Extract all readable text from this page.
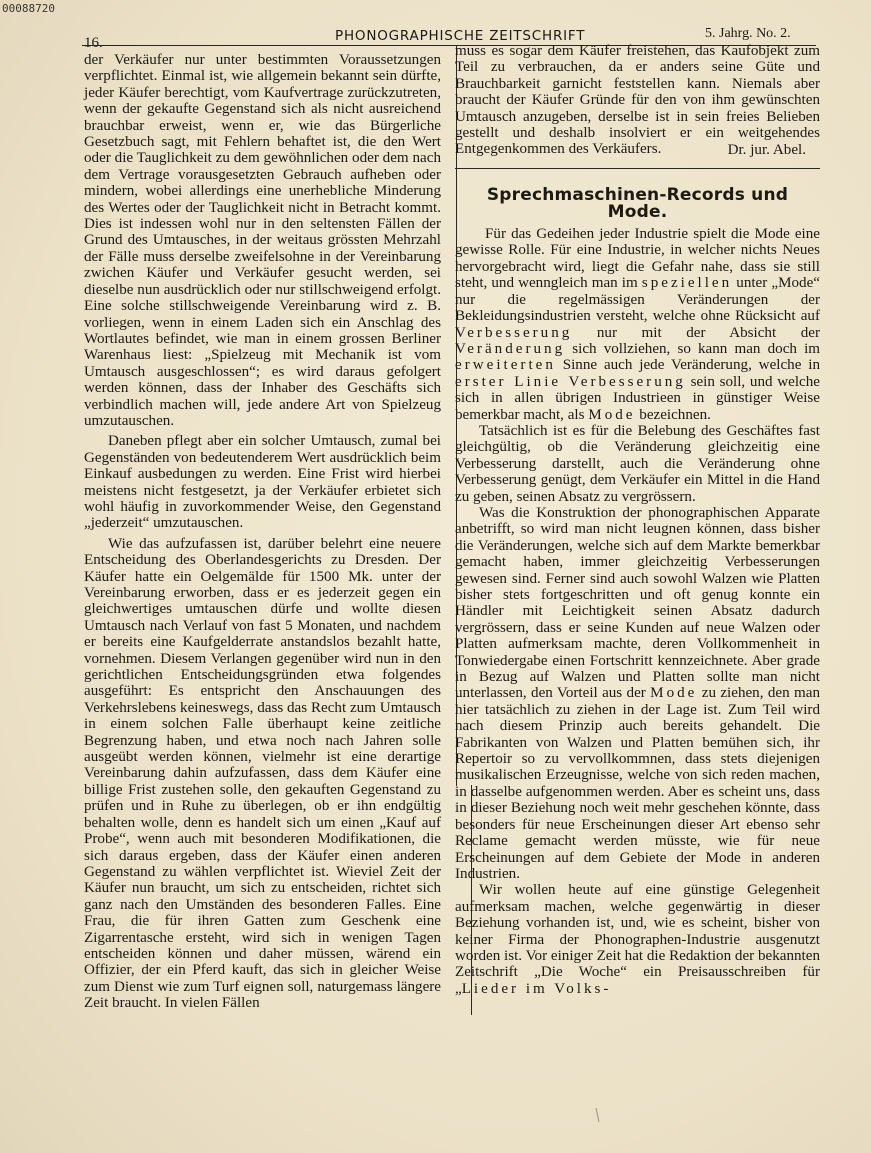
00088720
16.	PHONOGRAPHISCHE ZEITSCHRIFT	5. Jahrg. No. 2.

der Verkäufer nur unter bestimmten Voraussetzungen verpflichtet. Einmal ist, wie allgemein bekannt sein dürfte, jeder Käufer berechtigt, vom Kaufvertrage zurückzutreten, wenn der gekaufte Gegenstand sich als nicht ausreichend brauchbar erweist, wenn er, wie das Bürgerliche Gesetzbuch sagt, mit Fehlern behaftet ist, die den Wert oder die Tauglichkeit zu dem gewöhnlichen oder dem nach dem Vertrage vorausgesetzten Gebrauch aufheben oder mindern, wobei allerdings eine unerhebliche Minderung des Wertes oder der Tauglichkeit nicht in Betracht kommt. Dies ist indessen wohl nur in den seltensten Fällen der Grund des Umtausches, in der weitaus grössten Mehrzahl der Fälle muss derselbe zweifelsohne in der Vereinbarung zwichen Käufer und Verkäufer gesucht werden, sei dieselbe nun ausdrücklich oder nur stillschweigend erfolgt. Eine solche stillschweigende Vereinbarung wird z. B. vorliegen, wenn in einem Laden sich ein Anschlag des Wortlautes befindet, wie man in einem grossen Berliner Warenhaus liest: „Spielzeug mit Mechanik ist vom Umtausch ausgeschlossen“; es wird daraus gefolgert werden können, dass der Inhaber des Geschäfts sich verbindlich machen will, jede andere Art von Spielzeug umzutauschen.

Daneben pflegt aber ein solcher Umtausch, zumal bei Gegenständen von bedeutenderem Wert ausdrücklich beim Einkauf ausbedungen zu werden. Eine Frist wird hierbei meistens nicht festgesetzt, ja der Verkäufer erbietet sich wohl häufig in zuvorkommender Weise, den Gegenstand „jederzeit“ umzutauschen.

Wie das aufzufassen ist, darüber belehrt eine neuere Entscheidung des Oberlandesgerichts zu Dresden. Der Käufer hatte ein Oelgemälde für 1500 Mk. unter der Vereinbarung erworben, dass er es jederzeit gegen ein gleichwertiges umtauschen dürfe und wollte diesen Umtausch nach Verlauf von fast 5 Monaten, und nachdem er bereits eine Kaufgelderrate anstandslos bezahlt hatte, vornehmen. Diesem Verlangen gegenüber wird nun in den gerichtlichen Entscheidungsgründen etwa folgendes ausgeführt: Es entspricht den Anschauungen des Verkehrslebens keineswegs, dass das Recht zum Umtausch in einem solchen Falle überhaupt keine zeitliche Begrenzung haben, und etwa noch nach Jahren solle ausgeübt werden können, vielmehr ist eine derartige Vereinbarung dahin aufzufassen, dass dem Käufer eine billige Frist zustehen solle, den gekauften Gegenstand zu prüfen und in Ruhe zu überlegen, ob er ihn endgültig behalten wolle, denn es handelt sich um einen „Kauf auf Probe“, wenn auch mit besonderen Modifikationen, die sich daraus ergeben, dass der Käufer einen anderen Gegenstand zu wählen verpflichtet ist. Wieviel Zeit der Käufer nun braucht, um sich zu entscheiden, richtet sich ganz nach den Umständen des besonderen Falles. Eine Frau, die für ihren Gatten zum Geschenk eine Zigarrentasche ersteht, wird sich in wenigen Tagen entscheiden können und daher müssen, wärend ein Offizier, der ein Pferd kauft, das sich in gleicher Weise zum Dienst wie zum Turf eignen soll, naturgemass längere Zeit braucht. In vielen Fällen

muss es sogar dem Käufer freistehen, das Kaufobjekt zum Teil zu verbrauchen, da er anders seine Güte und Brauchbarkeit garnicht feststellen kann. Niemals aber braucht der Käufer Gründe für den von ihm gewünschten Umtausch anzugeben, derselbe ist in sein freies Belieben gestellt und deshalb insolviert er ein weitgehendes Entgegenkommen des Verkäufers.	Dr. jur. Abel.
Sprechmaschinen-Records und Mode.

Für das Gedeihen jeder Industrie spielt die Mode eine gewisse Rolle. Für eine Industrie, in welcher nichts Neues hervorgebracht wird, liegt die Gefahr nahe, dass sie still steht, und wenngleich man im speziellen unter „Mode“ nur die regelmässigen Veränderungen der Bekleidungsindustrien versteht, welche ohne Rücksicht auf Verbesserung nur mit der Absicht der Veränderung sich vollziehen, so kann man doch im erweiterten Sinne auch jede Veränderung, welche in erster Linie Verbesserung sein soll, und welche sich in allen übrigen Industrieen in günstiger Weise bemerkbar macht, als Mode bezeichnen.

Tatsächlich ist es für die Belebung des Geschäftes fast gleichgültig, ob die Veränderung gleichzeitig eine Verbesserung darstellt, auch die Veränderung ohne Verbesserung genügt, dem Verkäufer ein Mittel in die Hand zu geben, seinen Absatz zu vergrössern.

Was die Konstruktion der phonographischen Apparate anbetrifft, so wird man nicht leugnen können, dass bisher die Veränderungen, welche sich auf dem Markte bemerkbar gemacht haben, immer gleichzeitig Verbesserungen gewesen sind. Ferner sind auch sowohl Walzen wie Platten bisher stets fortgeschritten und oft genug konnte ein Händler mit Leichtigkeit seinen Absatz dadurch vergrössern, dass er seine Kunden auf neue Walzen oder Platten aufmerksam machte, deren Vollkommenheit in Tonwiedergabe einen Fortschritt kennzeichnete. Aber grade in Bezug auf Walzen und Platten sollte man nicht unterlassen, den Vorteil aus der Mode zu ziehen, den man hier tatsächlich zu ziehen in der Lage ist. Zum Teil wird nach diesem Prinzip auch bereits gehandelt. Die Fabrikanten von Walzen und Platten bemühen sich, ihr Repertoir so zu vervollkommnen, dass stets diejenigen musikalischen Erzeugnisse, welche von sich reden machen, in dasselbe aufgenommen werden. Aber es scheint uns, dass in dieser Beziehung noch weit mehr geschehen könnte, dass besonders für neue Erscheinungen dieser Art ebenso sehr Reclame gemacht werden müsste, wie für neue Erscheinungen auf dem Gebiete der Mode in anderen Industrien.

Wir wollen heute auf eine günstige Gelegenheit aufmerksam machen, welche gegenwärtig in dieser Beziehung vorhanden ist, und, wie es scheint, bisher von keiner Firma der Phonographen-Industrie ausgenutzt worden ist. Vor einiger Zeit hat die Redaktion der bekannten Zeitschrift „Die Woche“ ein Preisausschreiben für „Lieder im Volks-
